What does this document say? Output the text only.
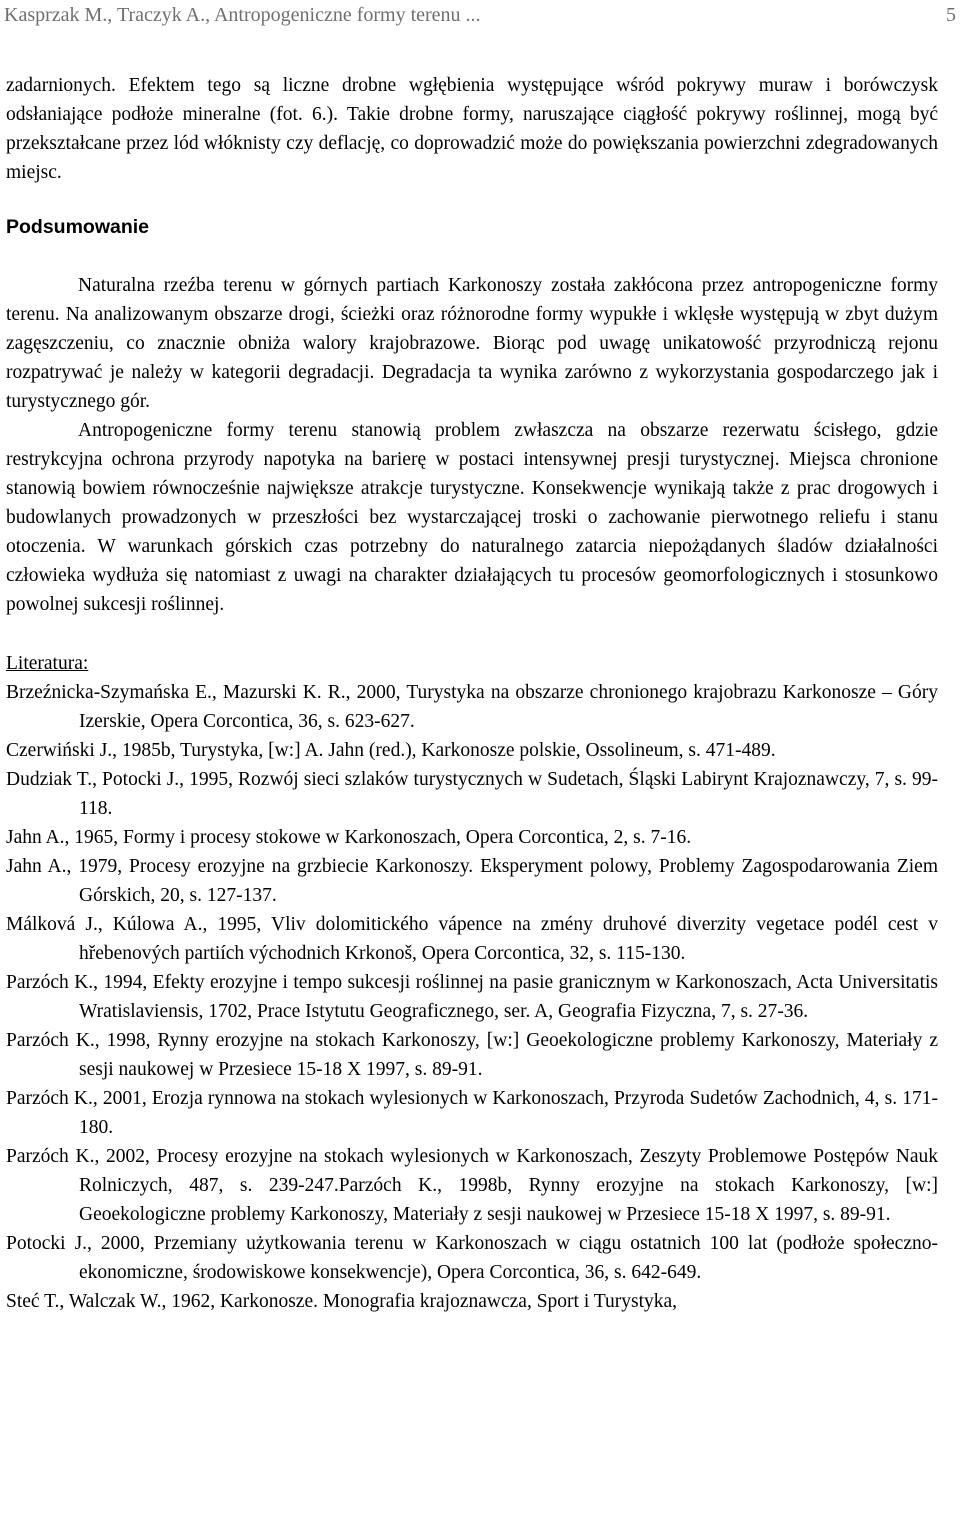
Kasprzak M., Traczyk A., Antropogeniczne formy terenu ...	5

zadarnionych. Efektem tego są liczne drobne wgłębienia występujące wśród pokrywy muraw i borówczysk odsłaniające podłoże mineralne (fot. 6.). Takie drobne formy, naruszające ciągłość pokrywy roślinnej, mogą być przekształcane przez lód włóknisty czy deflację, co doprowadzić może do powiększania powierzchni zdegradowanych miejsc.

Podsumowanie

Naturalna rzeźba terenu w górnych partiach Karkonoszy została zakłócona przez antropogeniczne formy terenu. Na analizowanym obszarze drogi, ścieżki oraz różnorodne formy wypukłe i wklęsłe występują w zbyt dużym zagęszczeniu, co znacznie obniża walory krajobrazowe. Biorąc pod uwagę unikatowość przyrodniczą rejonu rozpatrywać je należy w kategorii degradacji. Degradacja ta wynika zarówno z wykorzystania gospodarczego jak i turystycznego gór.

Antropogeniczne formy terenu stanowią problem zwłaszcza na obszarze rezerwatu ścisłego, gdzie restrykcyjna ochrona przyrody napotyka na barierę w postaci intensywnej presji turystycznej. Miejsca chronione stanowią bowiem równocześnie największe atrakcje turystyczne. Konsekwencje wynikają także z prac drogowych i budowlanych prowadzonych w przeszłości bez wystarczającej troski o zachowanie pierwotnego reliefu i stanu otoczenia. W warunkach górskich czas potrzebny do naturalnego zatarcia niepożądanych śladów działalności człowieka wydłuża się natomiast z uwagi na charakter działających tu procesów geomorfologicznych i stosunkowo powolnej sukcesji roślinnej.

Literatura:

Brzeźnicka-Szymańska E., Mazurski K. R., 2000, Turystyka na obszarze chronionego krajobrazu Karkonosze – Góry Izerskie, Opera Corcontica, 36, s. 623-627.

Czerwiński J., 1985b, Turystyka, [w:] A. Jahn (red.), Karkonosze polskie, Ossolineum, s. 471-489.

Dudziak T., Potocki J., 1995, Rozwój sieci szlaków turystycznych w Sudetach, Śląski Labirynt Krajoznawczy, 7, s. 99-118.

Jahn A., 1965, Formy i procesy stokowe w Karkonoszach, Opera Corcontica, 2, s. 7-16.

Jahn A., 1979, Procesy erozyjne na grzbiecie Karkonoszy. Eksperyment polowy, Problemy Zagospodarowania Ziem Górskich, 20, s. 127-137.

Málková J., Kúlowa A., 1995, Vliv dolomitického vápence na zmény druhové diverzity vegetace podél cest v hřebenových partiích východnich Krkonoš, Opera Corcontica, 32, s. 115-130.

Parzóch K., 1994, Efekty erozyjne i tempo sukcesji roślinnej na pasie granicznym w Karkonoszach, Acta Universitatis Wratislaviensis, 1702, Prace Istytutu Geograficznego, ser. A, Geografia Fizyczna, 7, s. 27-36.

Parzóch K., 1998, Rynny erozyjne na stokach Karkonoszy, [w:] Geoekologiczne problemy Karkonoszy, Materiały z sesji naukowej w Przesiece 15-18 X 1997, s. 89-91.

Parzóch K., 2001, Erozja rynnowa na stokach wylesionych w Karkonoszach, Przyroda Sudetów Zachodnich, 4, s. 171-180.

Parzóch K., 2002, Procesy erozyjne na stokach wylesionych w Karkonoszach, Zeszyty Problemowe Postępów Nauk Rolniczych, 487, s. 239-247.Parzóch K., 1998b, Rynny erozyjne na stokach Karkonoszy, [w:] Geoekologiczne problemy Karkonoszy, Materiały z sesji naukowej w Przesiece 15-18 X 1997, s. 89-91.

Potocki J., 2000, Przemiany użytkowania terenu w Karkonoszach w ciągu ostatnich 100 lat (podłoże społeczno-ekonomiczne, środowiskowe konsekwencje), Opera Corcontica, 36, s. 642-649.

Steć T., Walczak W., 1962, Karkonosze. Monografia krajoznawcza, Sport i Turystyka,
